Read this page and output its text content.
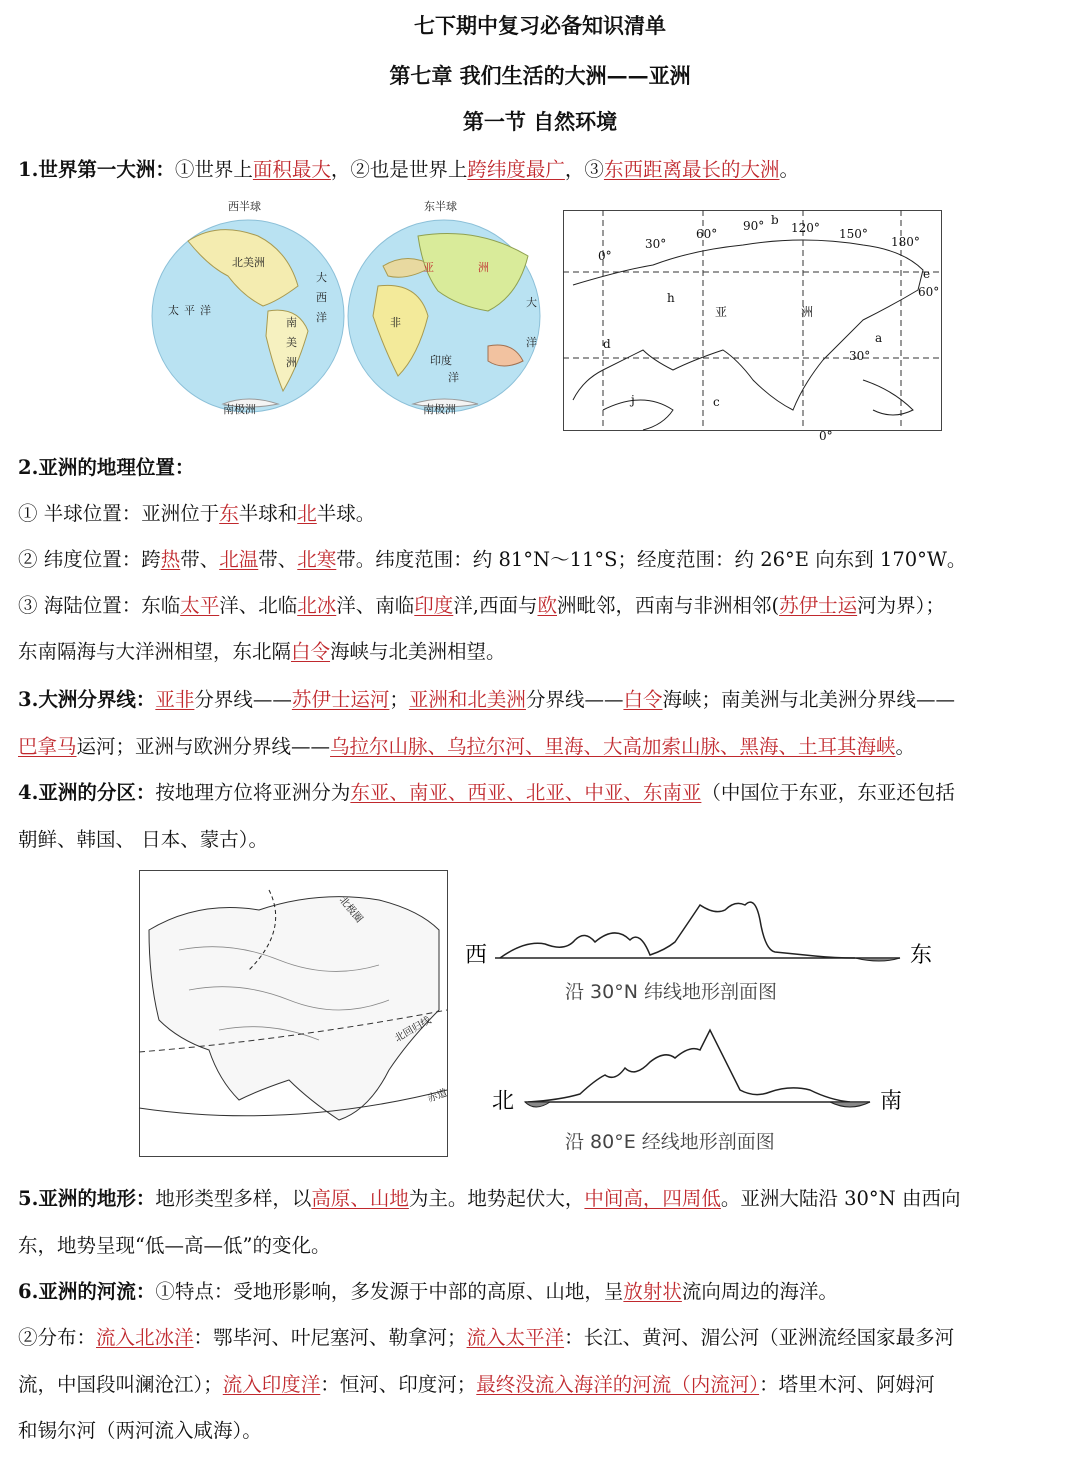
七下期中复习必备知识清单
第七章 我们生活的大洲——亚洲
第一节 自然环境
1.世界第一大洲：①世界上面积最大，②也是世界上跨纬度最广，③东西距离最长的大洲。
西半球	东半球
北美洲
南
美
洲
南极洲	南极洲
太 平 洋
大
西
洋	非
亚	洲
印度
洋
大
洋
0°
30°
60°
90° b
120° 150°
180°
e
60°
30°
0°
h
d	a
c
j
亚	洲
2.亚洲的地理位置：
① 半球位置：亚洲位于东半球和北半球。
② 纬度位置：跨热带、北温带、北寒带。纬度范围：约 81°N～11°S；经度范围：约 26°E 向东到 170°W。
③ 海陆位置：东临太平洋、北临北冰洋、南临印度洋,西面与欧洲毗邻，西南与非洲相邻(苏伊士运河为界）；
东南隔海与大洋洲相望，东北隔白令海峡与北美洲相望。
3.大洲分界线：亚非分界线——苏伊士运河；亚洲和北美洲分界线——白令海峡；南美洲与北美洲分界线——
巴拿马运河；亚洲与欧洲分界线——乌拉尔山脉、乌拉尔河、里海、大高加索山脉、黑海、土耳其海峡。
4.亚洲的分区：按地理方位将亚洲分为东亚、南亚、西亚、北亚、中亚、东南亚（中国位于东亚，东亚还包括
朝鲜、韩国、 日本、蒙古）。
北极圈
北回归线
赤道
西	东
沿 30°N 纬线地形剖面图
北	南
沿 80°E 经线地形剖面图
5.亚洲的地形：地形类型多样，以高原、山地为主。地势起伏大，中间高，四周低。亚洲大陆沿 30°N 由西向
东，地势呈现“低—高—低”的变化。
6.亚洲的河流：①特点：受地形影响，多发源于中部的高原、山地，呈放射状流向周边的海洋。
②分布：流入北冰洋：鄂毕河、叶尼塞河、勒拿河；流入太平洋：长江、黄河、湄公河（亚洲流经国家最多河
流，中国段叫澜沧江）；流入印度洋：恒河、印度河；最终没流入海洋的河流（内流河）：塔里木河、阿姆河
和锡尔河（两河流入咸海）。
